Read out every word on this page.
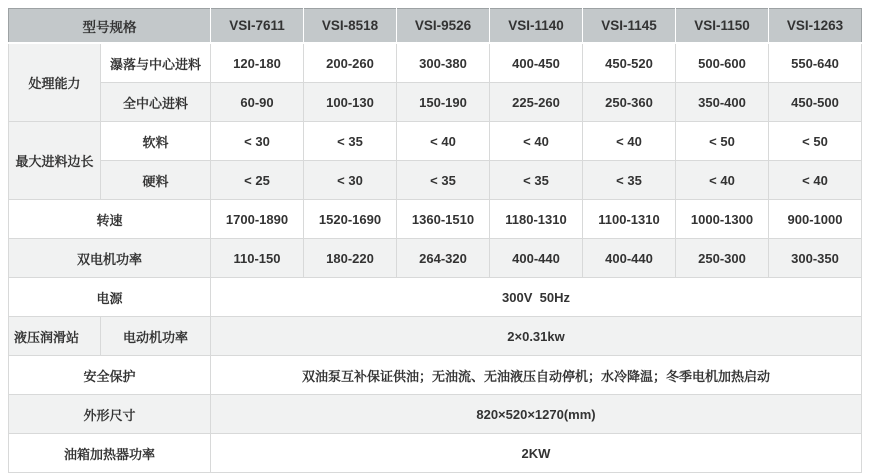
型号规格		VSI-7611	VSI-8518	VSI-9526	VSI-1140	VSI-1145	VSI-1150	VSI-1263
处理能力	瀑落与中心进料	120-180	200-260	300-380	400-450	450-520	500-600	550-640
	全中心进料	60-90	100-130	150-190	225-260	250-360	350-400	450-500
最大进料边长	软料	< 30	< 35	< 40	< 40	< 40	< 50	< 50
	硬料	< 25	< 30	< 35	< 35	< 35	< 40	< 40
转速		1700-1890	1520-1690	1360-1510	1180-1310	1100-1310	1000-1300	900-1000
双电机功率		110-150	180-220	264-320	400-440	400-440	250-300	300-350
电源		300V  50Hz						
液压润滑站	电动机功率	2×0.31kw						
安全保护		双油泵互补保证供油；无油流、无油液压自动停机；水冷降温；冬季电机加热启动						
外形尺寸		820×520×1270(mm)						
油箱加热器功率		2KW						
